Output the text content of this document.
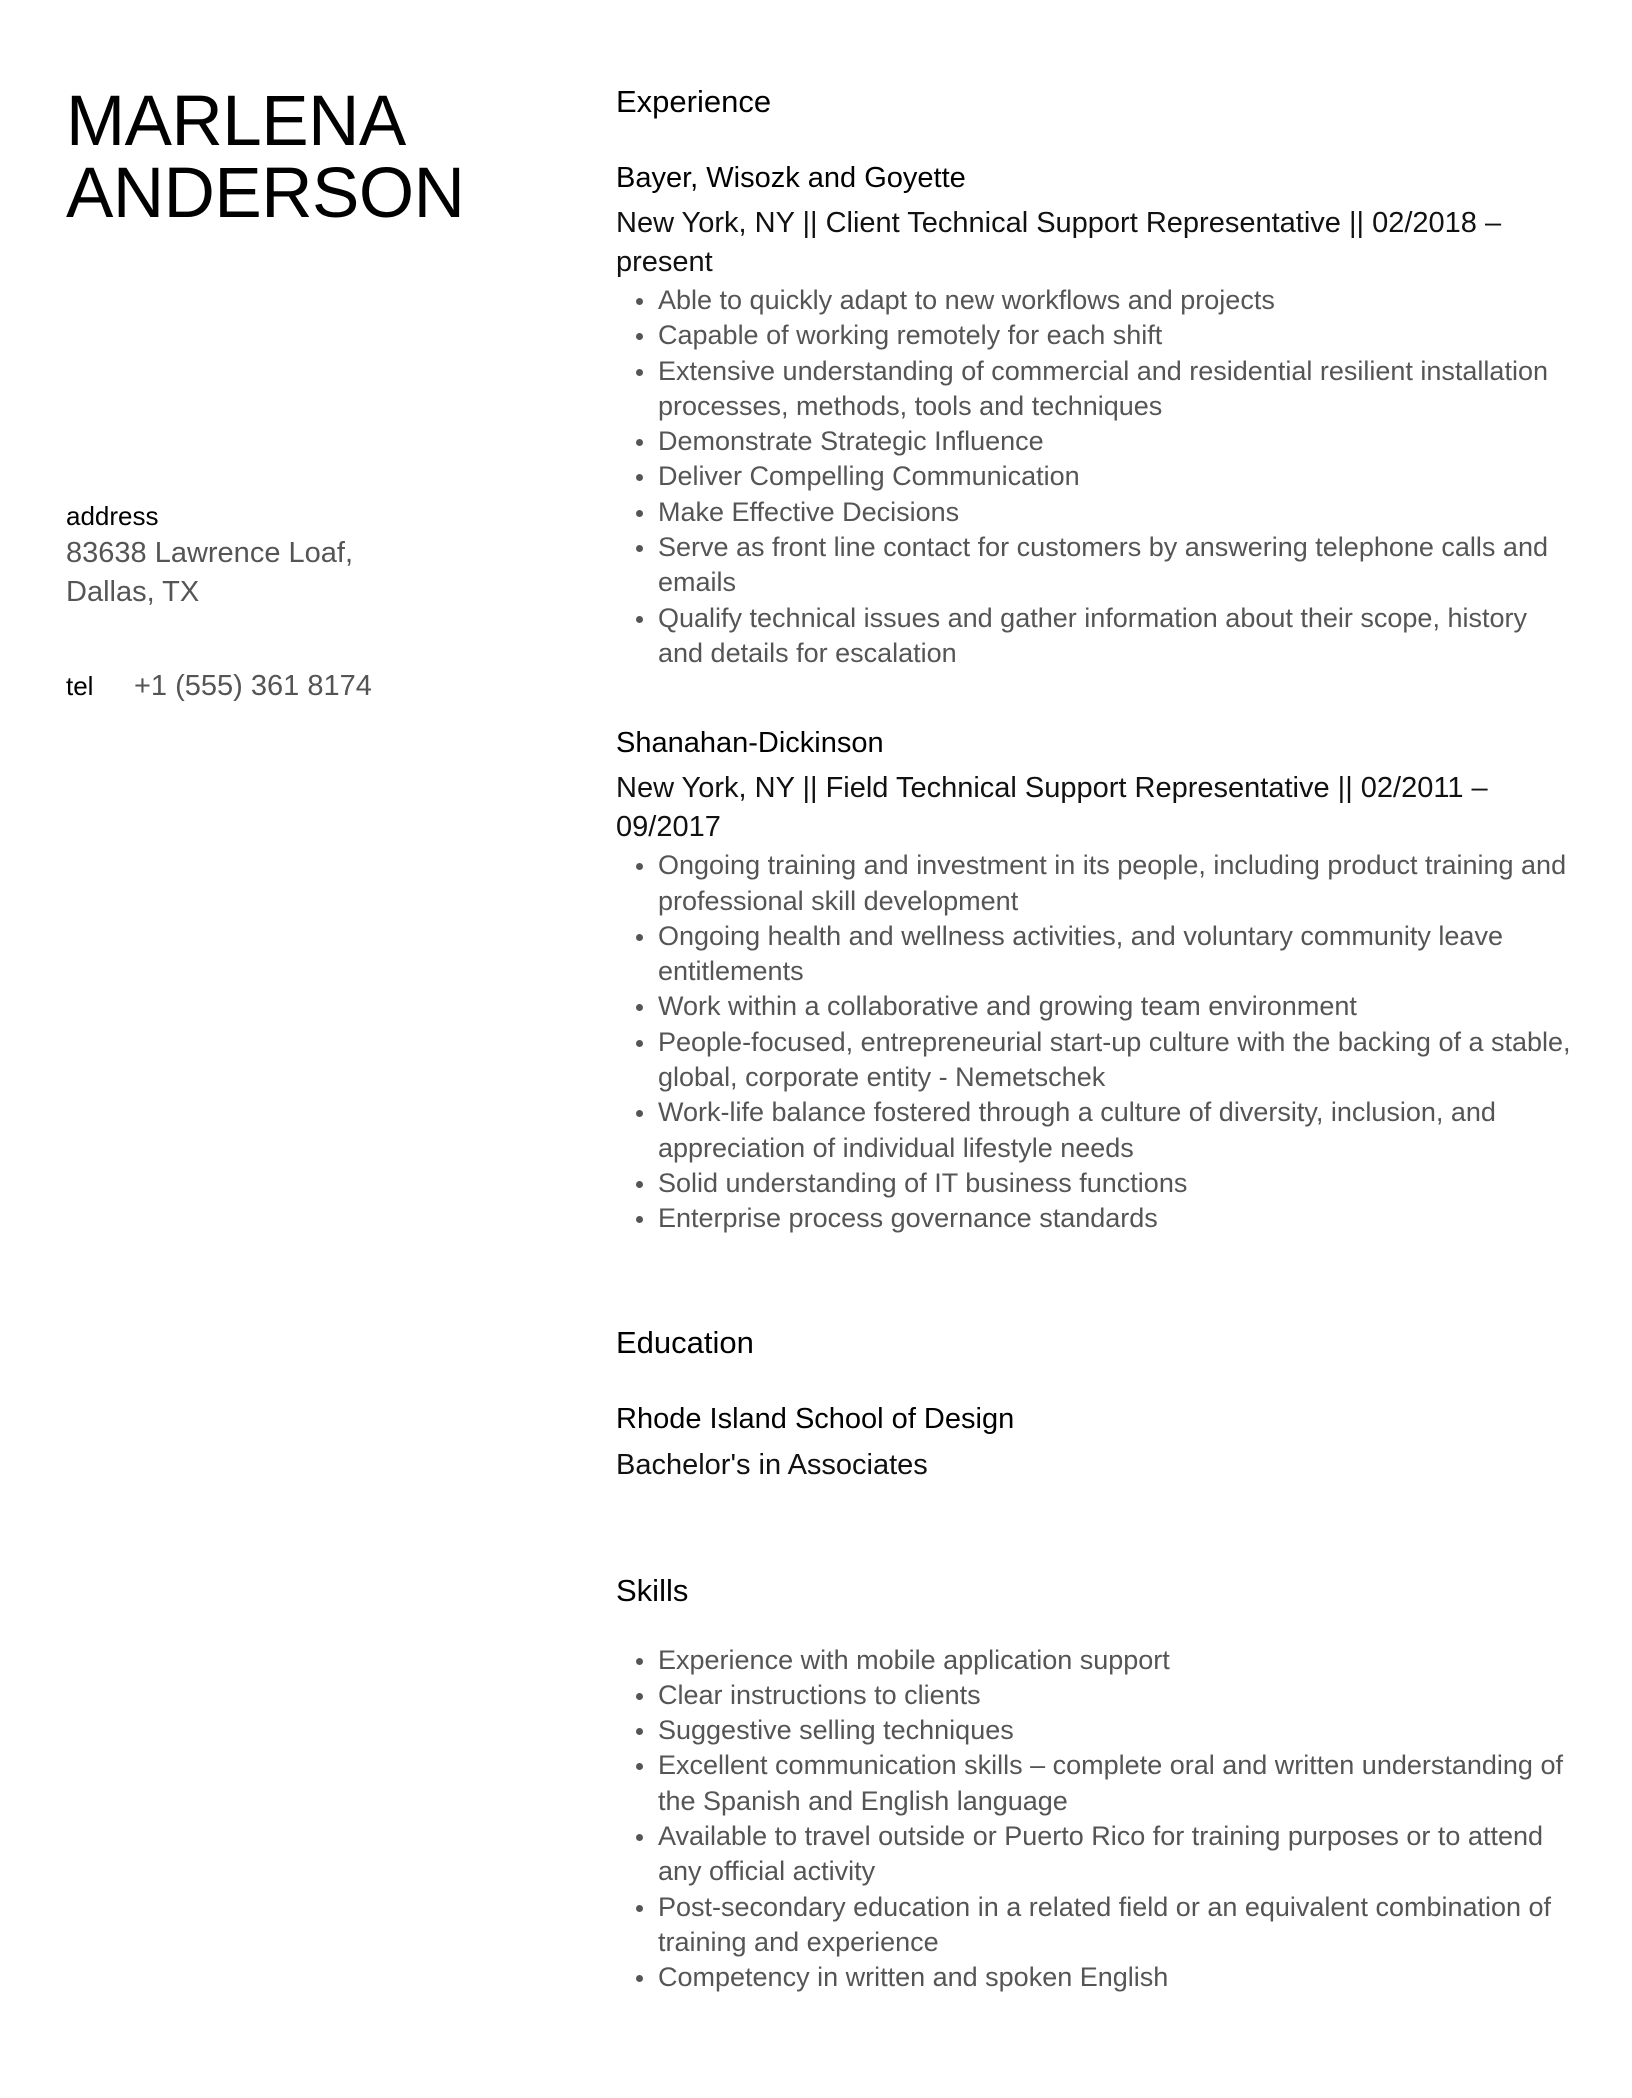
MARLENA
ANDERSON
address
83638 Lawrence Loaf,
Dallas, TX
tel	+1 (555) 361 8174
Experience
Bayer, Wisozk and Goyette
New York, NY || Client Technical Support Representative || 02/2018 – present
Able to quickly adapt to new workflows and projects
Capable of working remotely for each shift
Extensive understanding of commercial and residential resilient installation processes, methods, tools and techniques
Demonstrate Strategic Influence
Deliver Compelling Communication
Make Effective Decisions
Serve as front line contact for customers by answering telephone calls and emails
Qualify technical issues and gather information about their scope, history and details for escalation
Shanahan-Dickinson
New York, NY || Field Technical Support Representative || 02/2011 – 09/2017
Ongoing training and investment in its people, including product training and professional skill development
Ongoing health and wellness activities, and voluntary community leave entitlements
Work within a collaborative and growing team environment
People-focused, entrepreneurial start-up culture with the backing of a stable, global, corporate entity - Nemetschek
Work-life balance fostered through a culture of diversity, inclusion, and appreciation of individual lifestyle needs
Solid understanding of IT business functions
Enterprise process governance standards
Education
Rhode Island School of Design
Bachelor's in Associates
Skills
Experience with mobile application support
Clear instructions to clients
Suggestive selling techniques
Excellent communication skills – complete oral and written understanding of the Spanish and English language
Available to travel outside or Puerto Rico for training purposes or to attend any official activity
Post-secondary education in a related field or an equivalent combination of training and experience
Competency in written and spoken English
